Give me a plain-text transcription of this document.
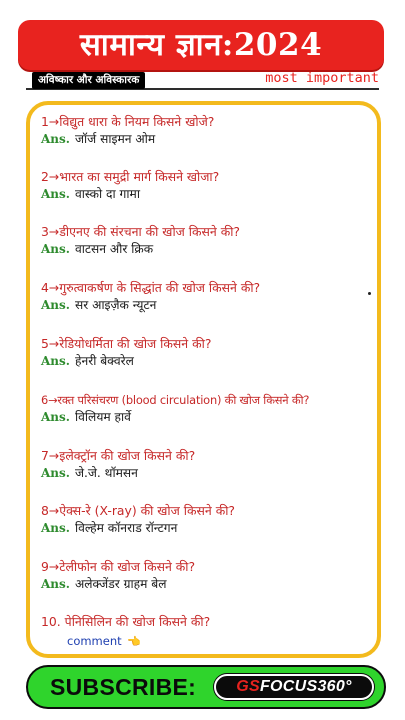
सामान्य ज्ञान:2024
अविष्कार और अविस्कारक	most important
1→विद्युत धारा के नियम किसने खोजे?
Ans. जॉर्ज साइमन ओम
2→भारत का समुद्री मार्ग किसने खोजा?
Ans. वास्को दा गामा
3→डीएनए की संरचना की खोज किसने की?
Ans. वाटसन और क्रिक
4→गुरुत्वाकर्षण के सिद्धांत की खोज किसने की?
Ans. सर आइज़ैक न्यूटन
5→रेडियोधर्मिता की खोज किसने की?
Ans. हेनरी बेक्वरेल
6→रक्त परिसंचरण (blood circulation) की खोज किसने की?
Ans. विलियम हार्वे
7→इलेक्ट्रॉन की खोज किसने की?
Ans. जे.जे. थॉमसन
8→ऐक्स-रे (X-ray) की खोज किसने की?
Ans. विल्हेम कॉनराड रॉन्टगन
9→टेलीफोन की खोज किसने की?
Ans. अलेक्जेंडर ग्राहम बेल
10. पेनिसिलिन की खोज किसने की?
comment 👈
SUBSCRIBE:	GSFOCUS360°
